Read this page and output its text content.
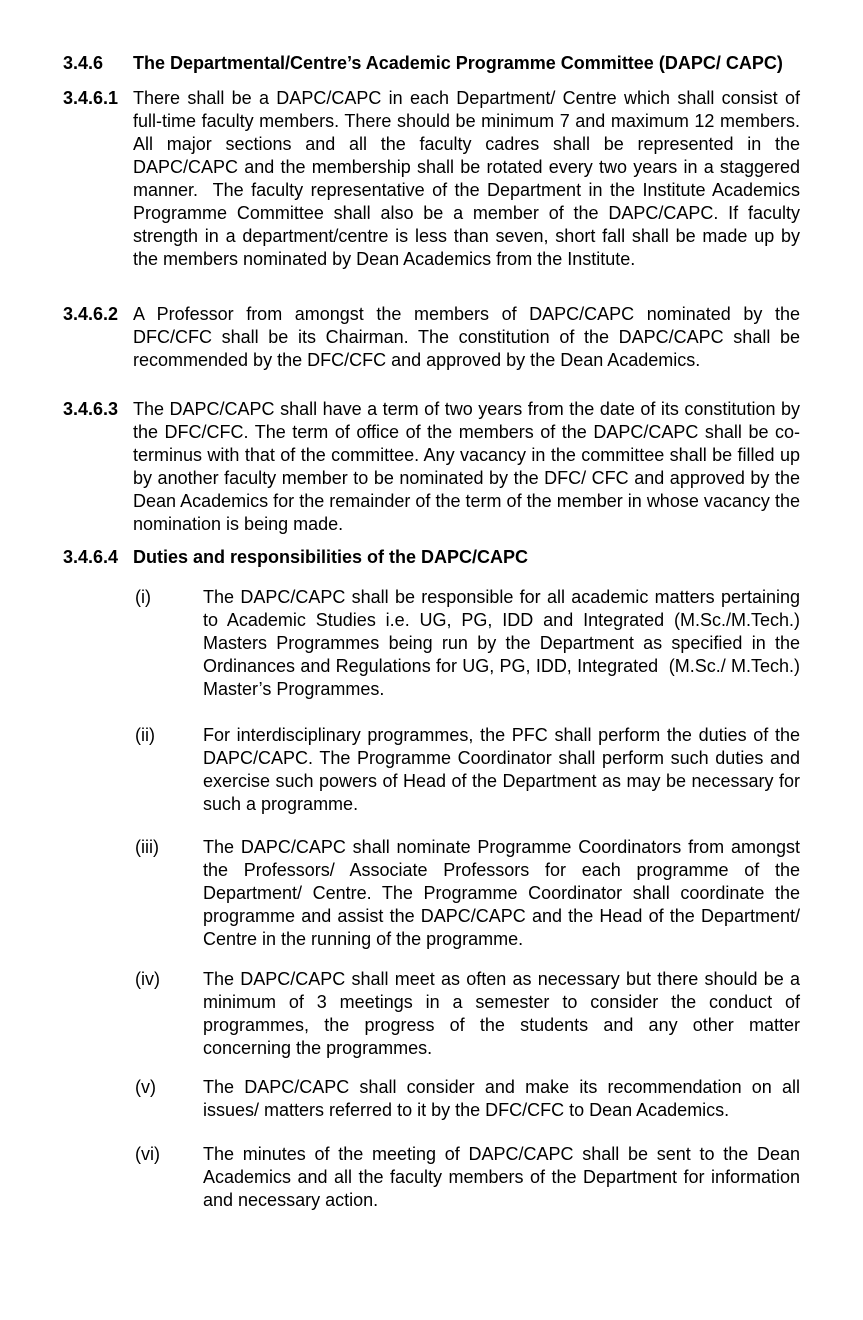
3.4.6	The Departmental/Centre’s Academic Programme Committee (DAPC/ CAPC)
3.4.6.1 There shall be a DAPC/CAPC in each Department/ Centre which shall consist of full-time faculty members. There should be minimum 7 and maximum 12 members. All major sections and all the faculty cadres shall be represented in the DAPC/CAPC and the membership shall be rotated every two years in a staggered manner.  The faculty representative of the Department in the Institute Academics Programme Committee shall also be a member of the DAPC/CAPC. If faculty strength in a department/centre is less than seven, short fall shall be made up by the members nominated by Dean Academics from the Institute.
3.4.6.2 A Professor from amongst the members of DAPC/CAPC nominated by the DFC/CFC shall be its Chairman. The constitution of the DAPC/CAPC shall be recommended by the DFC/CFC and approved by the Dean Academics.
3.4.6.3 The DAPC/CAPC shall have a term of two years from the date of its constitution by the DFC/CFC. The term of office of the members of the DAPC/CAPC shall be co-terminus with that of the committee. Any vacancy in the committee shall be filled up by another faculty member to be nominated by the DFC/ CFC and approved by the Dean Academics for the remainder of the term of the member in whose vacancy the nomination is being made.
3.4.6.4 Duties and responsibilities of the DAPC/CAPC
(i)	The DAPC/CAPC shall be responsible for all academic matters pertaining to Academic Studies i.e. UG, PG, IDD and Integrated (M.Sc./M.Tech.) Masters Programmes being run by the Department as specified in the Ordinances and Regulations for UG, PG, IDD, Integrated  (M.Sc./ M.Tech.) Master’s Programmes.
(ii)	For interdisciplinary programmes, the PFC shall perform the duties of the DAPC/CAPC. The Programme Coordinator shall perform such duties and exercise such powers of Head of the Department as may be necessary for such a programme.
(iii)	The DAPC/CAPC shall nominate Programme Coordinators from amongst the Professors/ Associate Professors for each programme of the Department/ Centre. The Programme Coordinator shall coordinate the programme and assist the DAPC/CAPC and the Head of the Department/ Centre in the running of the programme.
(iv)	The DAPC/CAPC shall meet as often as necessary but there should be a minimum of 3 meetings in a semester to consider the conduct of programmes, the progress of the students and any other matter concerning the programmes.
(v)	The DAPC/CAPC shall consider and make its recommendation on all issues/ matters referred to it by the DFC/CFC to Dean Academics.
(vi)	The minutes of the meeting of DAPC/CAPC shall be sent to the Dean Academics and all the faculty members of the Department for information and necessary action.
